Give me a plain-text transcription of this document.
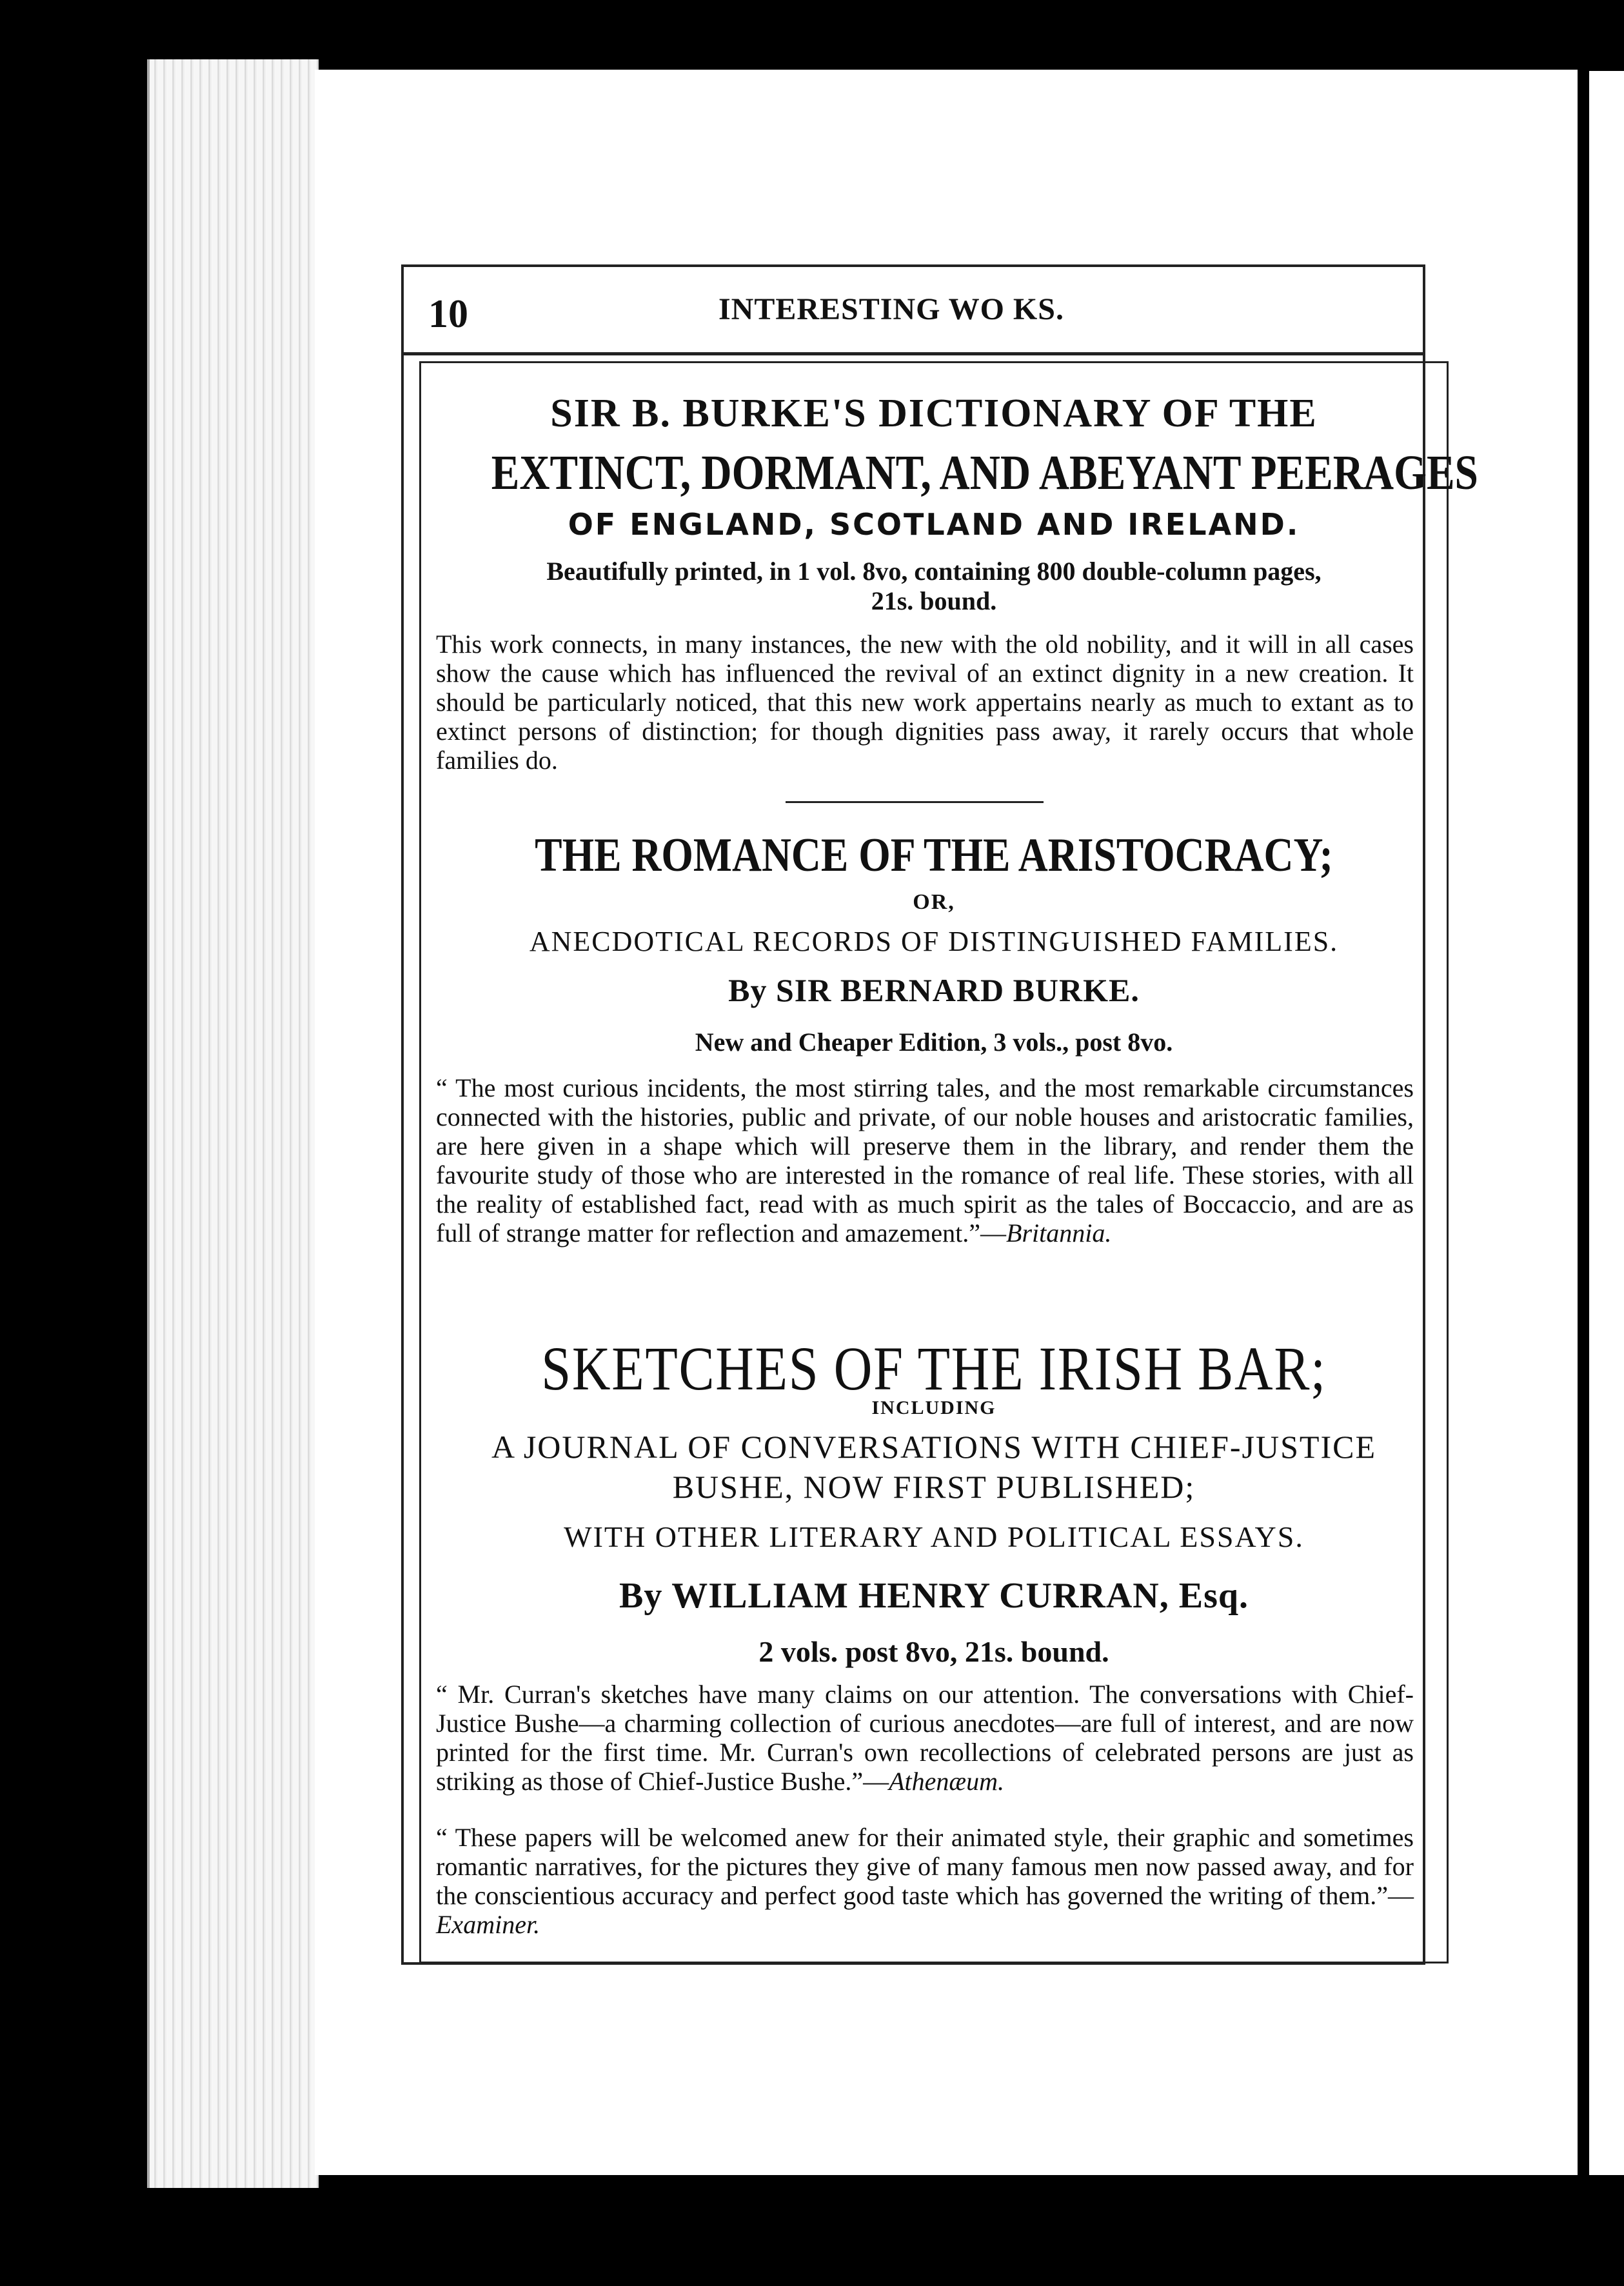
10	INTERESTING WO KS.
SIR B. BURKE'S DICTIONARY OF THE
EXTINCT, DORMANT, AND ABEYANT PEERAGES
OF ENGLAND, SCOTLAND AND IRELAND.
Beautifully printed, in 1 vol. 8vo, containing 800 double-column pages,
21s. bound.
This work connects, in many instances, the new with the old nobility, and it will in all cases show the cause which has influenced the revival of an extinct dignity in a new creation. It should be particularly noticed, that this new work appertains nearly as much to extant as to extinct persons of distinction; for though dignities pass away, it rarely occurs that whole families do.
THE ROMANCE OF THE ARISTOCRACY;
OR,
ANECDOTICAL RECORDS OF DISTINGUISHED FAMILIES.
By SIR BERNARD BURKE.
New and Cheaper Edition, 3 vols., post 8vo.
“ The most curious incidents, the most stirring tales, and the most remarkable circumstances connected with the histories, public and private, of our noble houses and aristocratic families, are here given in a shape which will preserve them in the library, and render them the favourite study of those who are interested in the romance of real life. These stories, with all the reality of established fact, read with as much spirit as the tales of Boccaccio, and are as full of strange matter for reflection and amazement.”—Britannia.
SKETCHES OF THE IRISH BAR;
INCLUDING
A JOURNAL OF CONVERSATIONS WITH CHIEF-JUSTICE
BUSHE, NOW FIRST PUBLISHED;
WITH OTHER LITERARY AND POLITICAL ESSAYS.
By WILLIAM HENRY CURRAN, Esq.
2 vols. post 8vo, 21s. bound.
“ Mr. Curran's sketches have many claims on our attention. The conversations with Chief-Justice Bushe—a charming collection of curious anecdotes—are full of interest, and are now printed for the first time. Mr. Curran's own recollections of celebrated persons are just as striking as those of Chief-Justice Bushe.”—Athenæum.
“ These papers will be welcomed anew for their animated style, their graphic and sometimes romantic narratives, for the pictures they give of many famous men now passed away, and for the conscientious accuracy and perfect good taste which has governed the writing of them.”—Examiner.
